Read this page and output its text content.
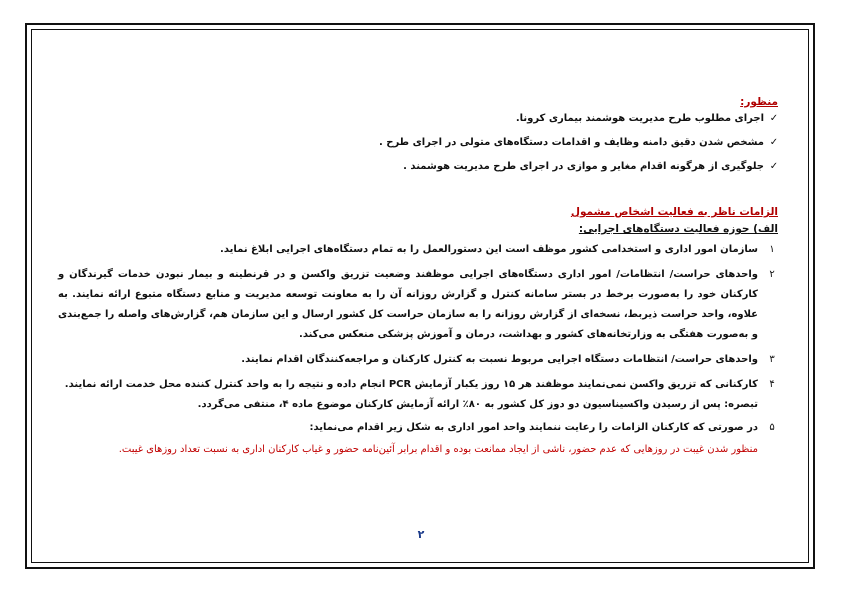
منظور:
✓
اجرای مطلوب طرح مدیریت هوشمند بیماری کرونا.
✓
مشخص شدن دقیق دامنه وظایف و اقدامات دستگاه‌های متولی در اجرای طرح .
✓
جلوگیری از هرگونه اقدام مغایر و موازی در اجرای طرح مدیریت هوشمند .
الزامات ناظر به فعالیت اشخاص مشمول
الف) حوزه فعالیت دستگاه‌های اجرایی:
۱
سازمان امور اداری و استخدامی کشور موظف است این دستورالعمل را به تمام دستگاه‌های اجرایی ابلاغ نماید.
۲
واحدهای حراست/ انتظامات/ امور اداری دستگاه‌های اجرایی موظفند وضعیت تزریق واکسن و در قرنطینه و بیمار نبودن خدمات گیرندگان و کارکنان خود را به‌صورت برخط در بستر سامانه کنترل و گزارش روزانه آن را به معاونت توسعه مدیریت و منابع دستگاه متبوع ارائه نمایند. به علاوه، واحد حراست ذیربط، نسخه‌ای از گزارش روزانه را به سازمان حراست کل کشور ارسال و این سازمان هم، گزارش‌های واصله را جمع‌بندی و به‌صورت هفتگی به وزارتخانه‌های کشور و بهداشت، درمان و آموزش پزشکی منعکس می‌کند.
۳
واحدهای حراست/ انتظامات دستگاه اجرایی مربوط نسبت به کنترل کارکنان و مراجعه‌کنندگان اقدام نمایند.
۴
کارکنانی که تزریق واکسن نمی‌نمایند موظفند هر ۱۵ روز یکبار آزمایش PCR انجام داده و نتیجه را به واحد کنترل کننده محل خدمت ارائه نمایند.
تبصره: پس از رسیدن واکسیناسیون دو دوز کل کشور به ۸۰٪ ارائه آزمایش کارکنان موضوع ماده ۴، منتفی می‌گردد.
۵
در صورتی که کارکنان الزامات را رعایت ننمایند واحد امور اداری به شکل زیر اقدام می‌نماید:
منظور شدن غیبت در روزهایی که عدم حضور، ناشی از ایجاد ممانعت بوده و اقدام برابر آئین‌نامه حضور و غیاب کارکنان اداری به نسبت تعداد روزهای غیبت.
۲
